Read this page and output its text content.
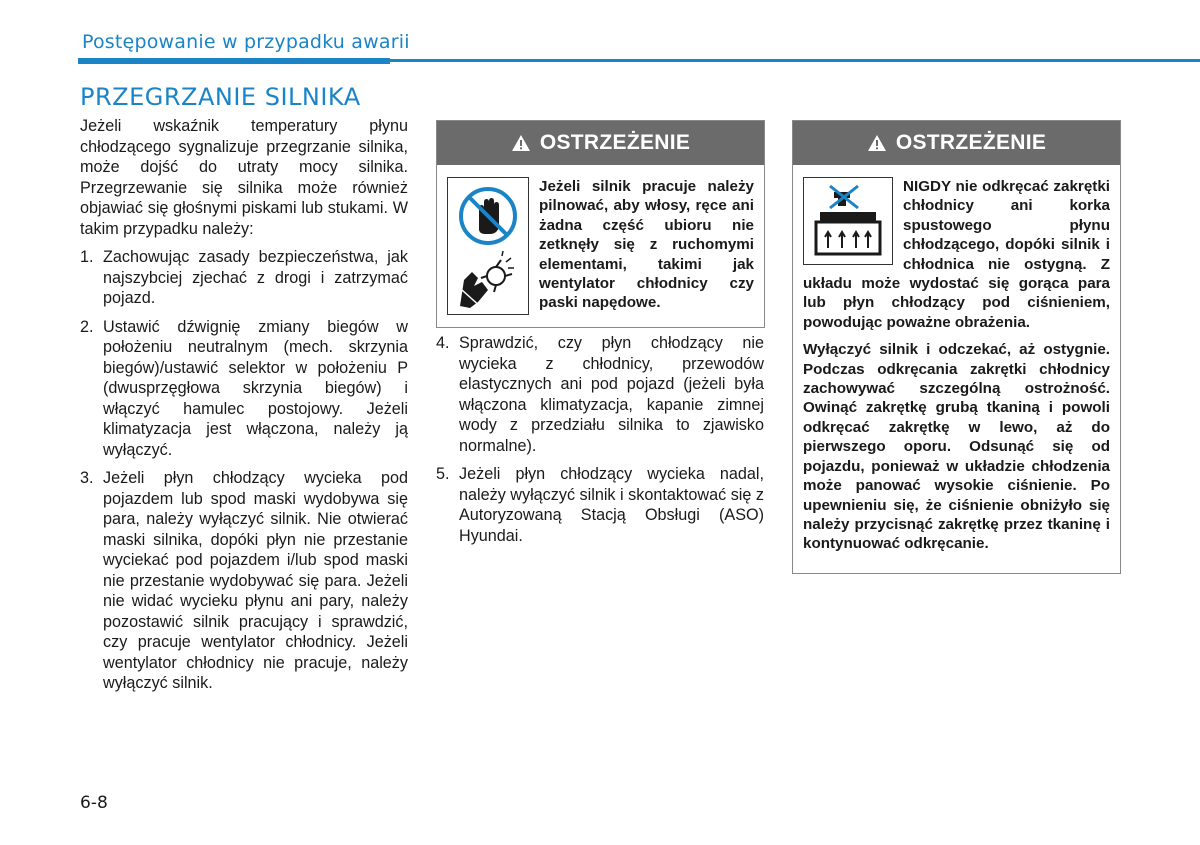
Postępowanie w przypadku awarii
PRZEGRZANIE SILNIKA

Jeżeli wskaźnik temperatury płynu chłodzącego sygnalizuje przegrzanie silnika, może dojść do utraty mocy silnika. Przegrzewanie się silnika może również objawiać się głośnymi piskami lub stukami. W takim przypadku należy:

1. Zachowując zasady bezpieczeństwa, jak najszybciej zjechać z drogi i zatrzymać pojazd.
2. Ustawić dźwignię zmiany biegów w położeniu neutralnym (mech. skrzynia biegów)/ustawić selektor w położeniu P (dwusprzęgłowa skrzynia biegów) i włączyć hamulec postojowy. Jeżeli klimatyzacja jest włączona, należy ją wyłączyć.
3. Jeżeli płyn chłodzący wycieka pod pojazdem lub spod maski wydobywa się para, należy wyłączyć silnik. Nie otwierać maski silnika, dopóki płyn nie przestanie wyciekać pod pojazdem i/lub spod maski nie przestanie wydobywać się para. Jeżeli nie widać wycieku płynu ani pary, należy pozostawić silnik pracujący i sprawdzić, czy pracuje wentylator chłodnicy. Jeżeli wentylator chłodnicy nie pracuje, należy wyłączyć silnik.
OSTRZEŻENIE

Jeżeli silnik pracuje należy pilnować, aby włosy, ręce ani żadna część ubioru nie zetknęły się z ruchomymi elementami, takimi jak wentylator chłodnicy czy paski napędowe.

4. Sprawdzić, czy płyn chłodzący nie wycieka z chłodnicy, przewodów elastycznych ani pod pojazd (jeżeli była włączona klimatyzacja, kapanie zimnej wody z przedziału silnika to zjawisko normalne).
5. Jeżeli płyn chłodzący wycieka nadal, należy wyłączyć silnik i skontaktować się z Autoryzowaną Stacją Obsługi (ASO) Hyundai.
OSTRZEŻENIE

NIGDY nie odkręcać zakrętki chłodnicy ani korka spustowego płynu chłodzącego, dopóki silnik i chłodnica nie ostygną. Z układu może wydostać się gorąca para lub płyn chłodzący pod ciśnieniem, powodując poważne obrażenia.

Wyłączyć silnik i odczekać, aż ostygnie. Podczas odkręcania zakrętki chłodnicy zachowywać szczególną ostrożność. Owinąć zakrętkę grubą tkaniną i powoli odkręcać zakrętkę w lewo, aż do pierwszego oporu. Odsunąć się od pojazdu, ponieważ w układzie chłodzenia może panować wysokie ciśnienie. Po upewnieniu się, że ciśnienie obniżyło się należy przycisnąć zakrętkę przez tkaninę i kontynuować odkręcanie.

6-8
